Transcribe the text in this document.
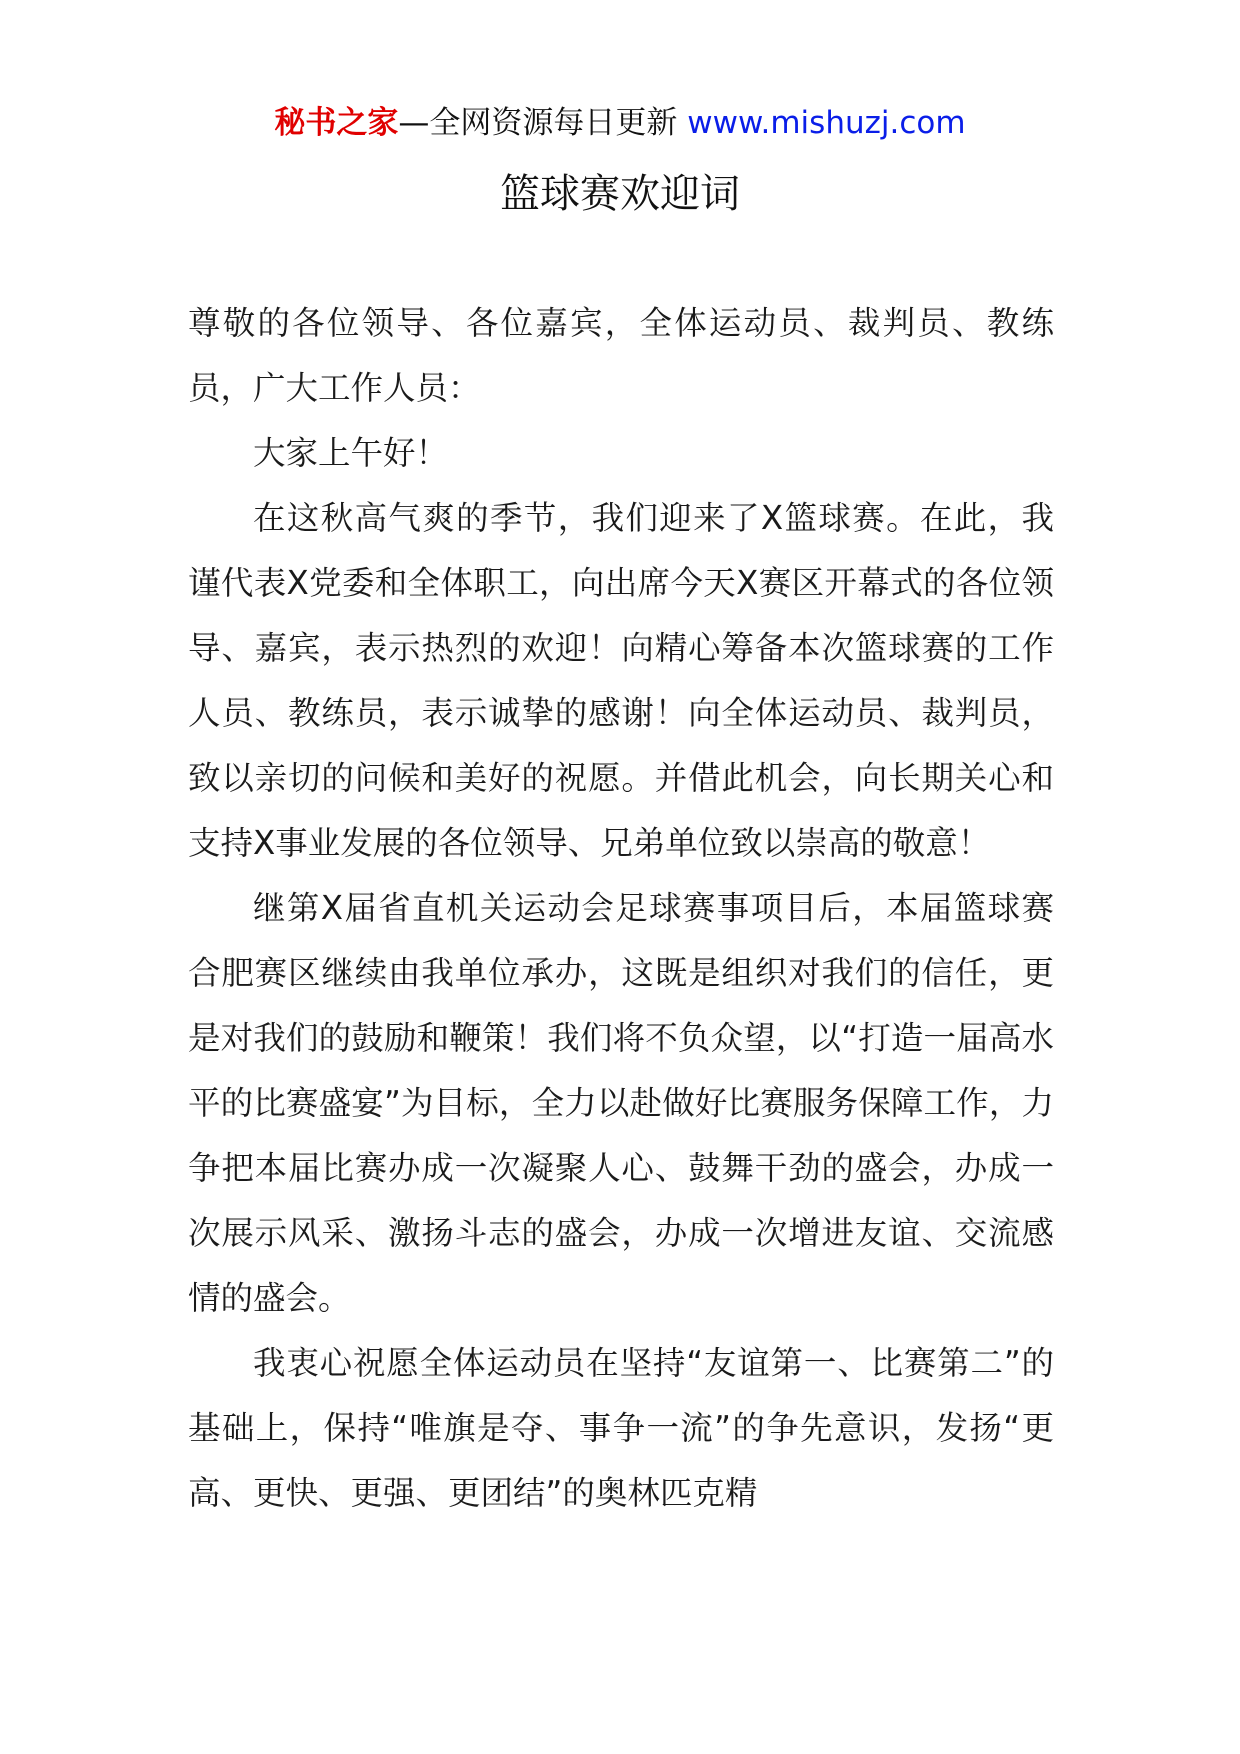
秘书之家—全网资源每日更新 www.mishuzj.com
篮球赛欢迎词

尊敬的各位领导、各位嘉宾，全体运动员、裁判员、教练员，广大工作人员：

大家上午好！

在这秋高气爽的季节，我们迎来了X篮球赛。在此，我谨代表X党委和全体职工，向出席今天X赛区开幕式的各位领导、嘉宾，表示热烈的欢迎！向精心筹备本次篮球赛的工作人员、教练员，表示诚挚的感谢！向全体运动员、裁判员，致以亲切的问候和美好的祝愿。并借此机会，向长期关心和支持X事业发展的各位领导、兄弟单位致以崇高的敬意！

继第X届省直机关运动会足球赛事项目后，本届篮球赛合肥赛区继续由我单位承办，这既是组织对我们的信任，更是对我们的鼓励和鞭策！我们将不负众望，以“打造一届高水平的比赛盛宴”为目标，全力以赴做好比赛服务保障工作，力争把本届比赛办成一次凝聚人心、鼓舞干劲的盛会，办成一次展示风采、激扬斗志的盛会，办成一次增进友谊、交流感情的盛会。

我衷心祝愿全体运动员在坚持“友谊第一、比赛第二”的基础上，保持“唯旗是夺、事争一流”的争先意识，发扬“更高、更快、更强、更团结”的奥林匹克精
